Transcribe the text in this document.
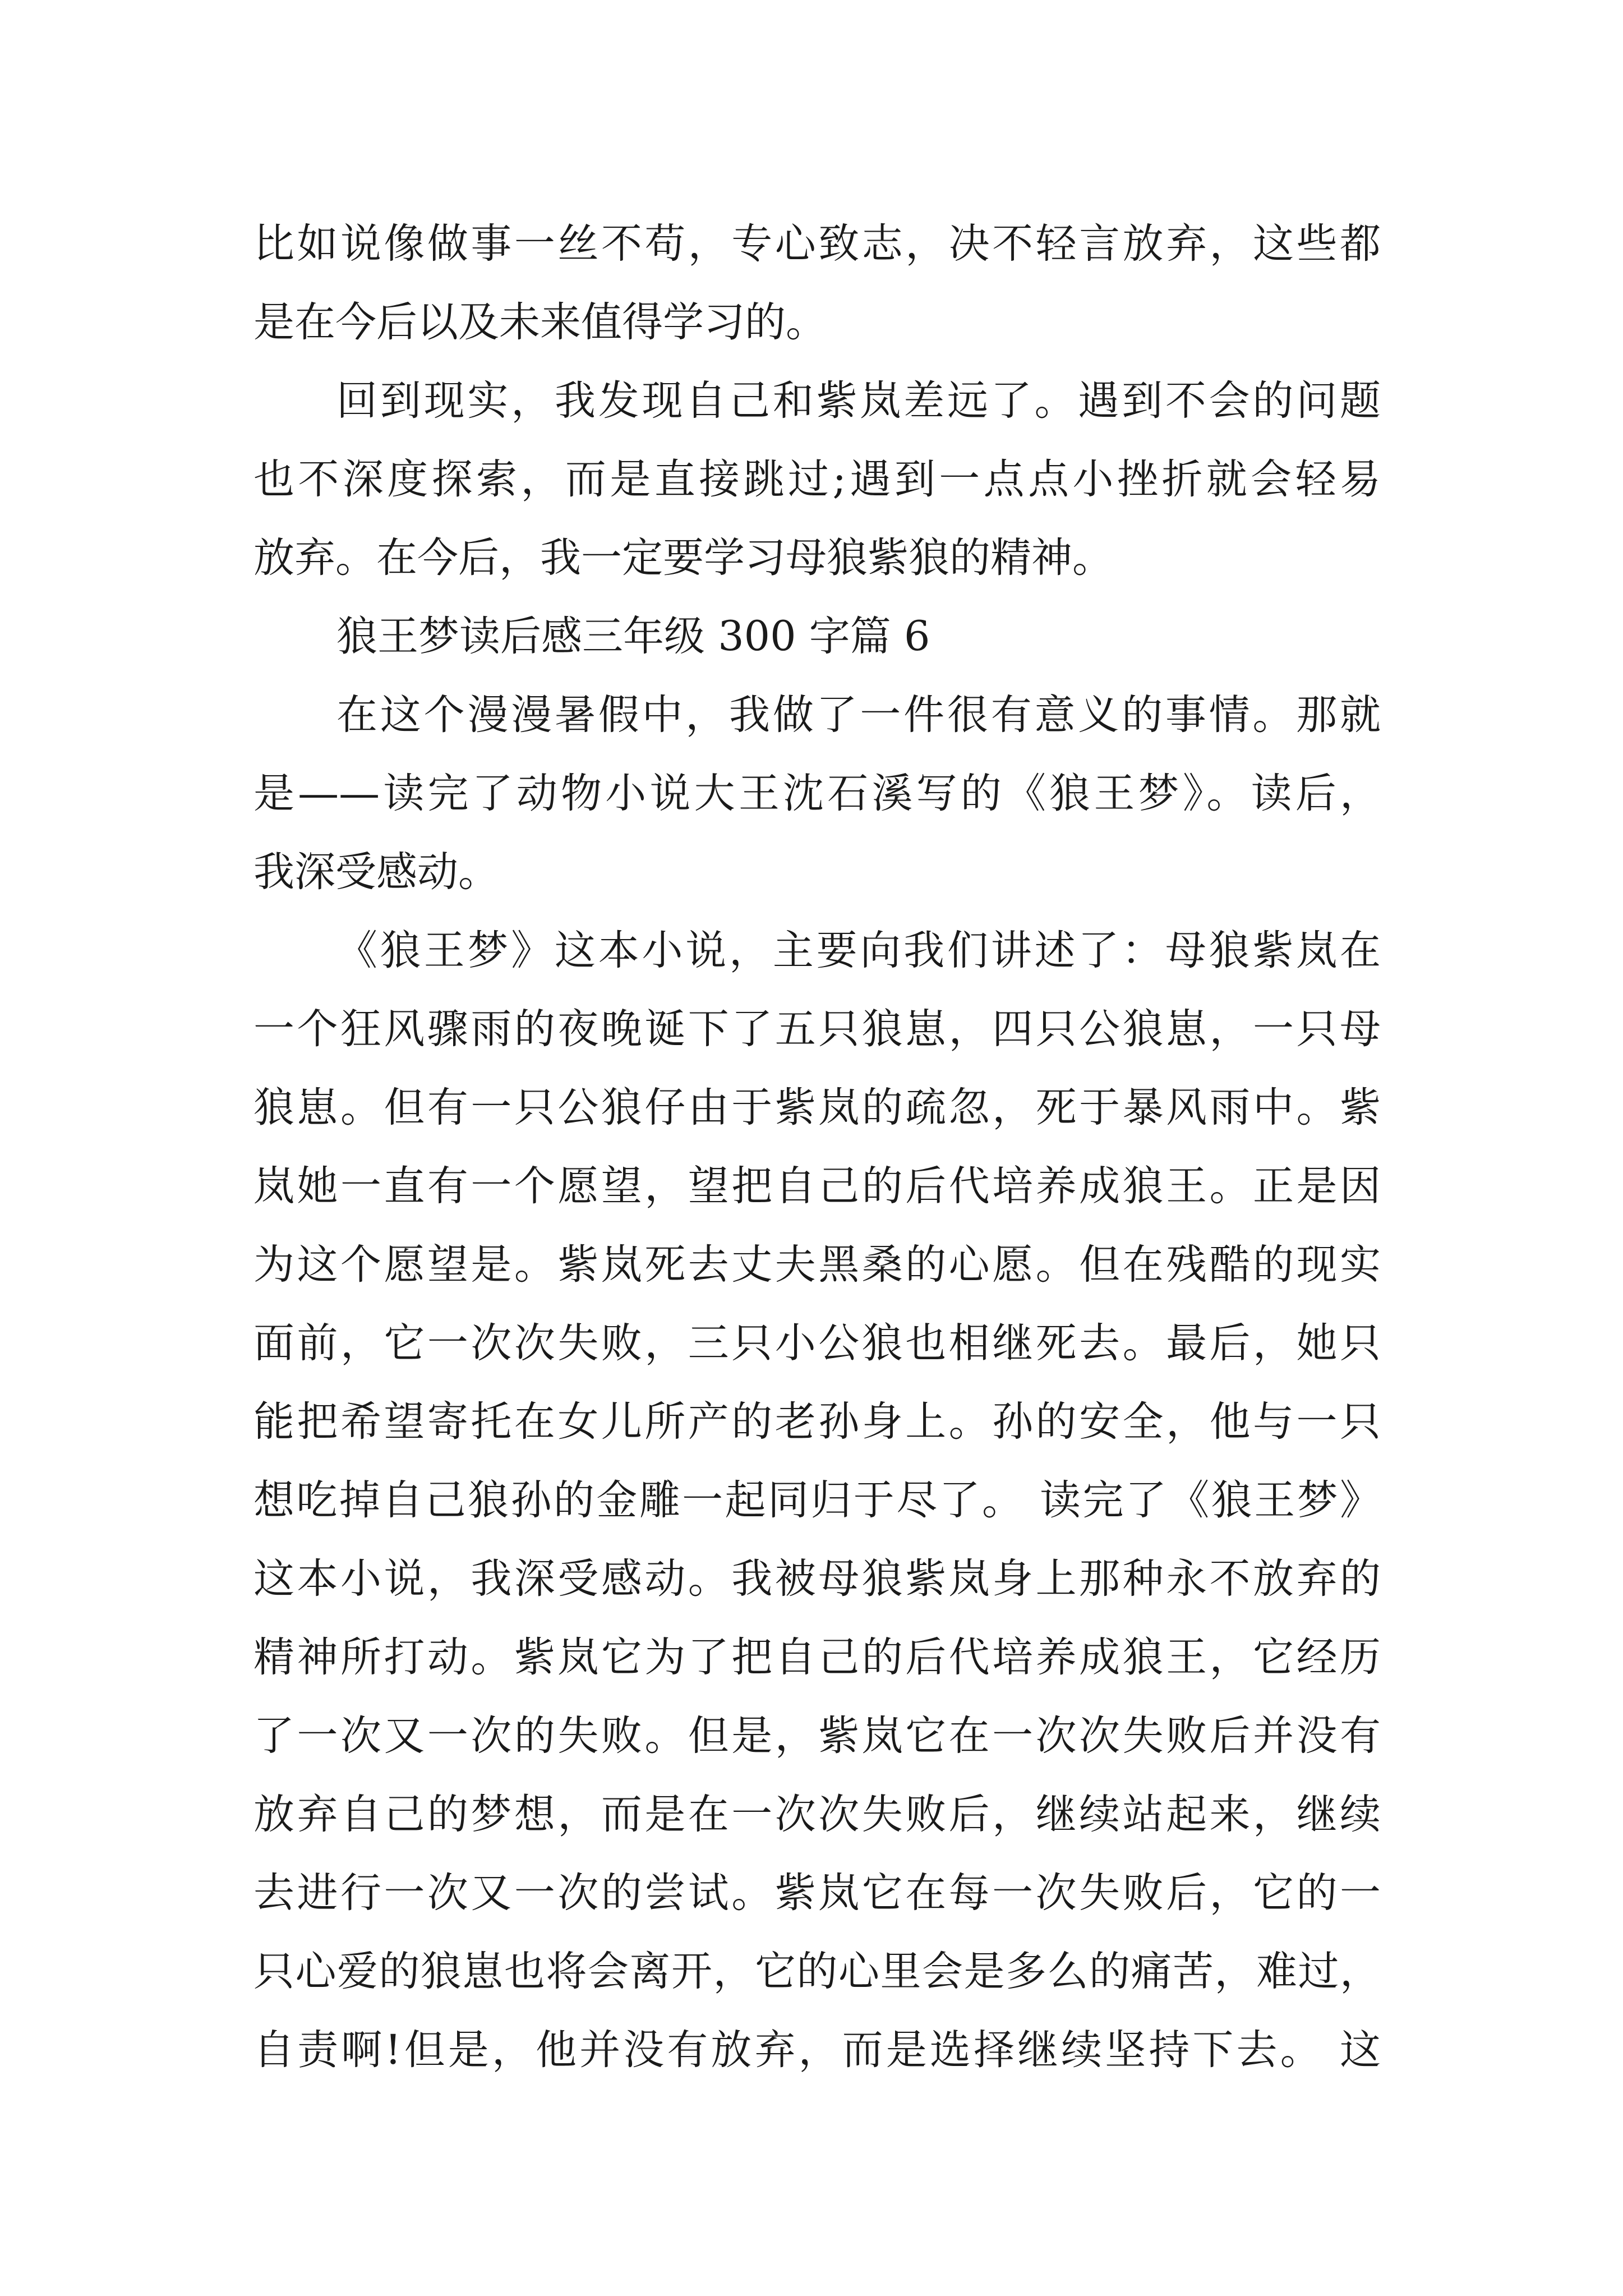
比如说像做事一丝不苟，专心致志，决不轻言放弃，这些都
是在今后以及未来值得学习的。
回到现实，我发现自己和紫岚差远了。遇到不会的问题
也不深度探索，而是直接跳过;遇到一点点小挫折就会轻易
放弃。在今后，我一定要学习母狼紫狼的精神。
狼王梦读后感三年级 300 字篇 6
在这个漫漫暑假中，我做了一件很有意义的事情。那就
是——读完了动物小说大王沈石溪写的《狼王梦》。读后，
我深受感动。
《狼王梦》这本小说，主要向我们讲述了：母狼紫岚在
一个狂风骤雨的夜晚诞下了五只狼崽，四只公狼崽，一只母
狼崽。但有一只公狼仔由于紫岚的疏忽，死于暴风雨中。紫
岚她一直有一个愿望，望把自己的后代培养成狼王。正是因
为这个愿望是。紫岚死去丈夫黑桑的心愿。但在残酷的现实
面前，它一次次失败，三只小公狼也相继死去。最后，她只
能把希望寄托在女儿所产的老孙身上。孙的安全，他与一只
想吃掉自己狼孙的金雕一起同归于尽了。 读完了《狼王梦》
这本小说，我深受感动。我被母狼紫岚身上那种永不放弃的
精神所打动。紫岚它为了把自己的后代培养成狼王，它经历
了一次又一次的失败。但是，紫岚它在一次次失败后并没有
放弃自己的梦想，而是在一次次失败后，继续站起来，继续
去进行一次又一次的尝试。紫岚它在每一次失败后，它的一
只心爱的狼崽也将会离开，它的心里会是多么的痛苦，难过，
自责啊!但是，他并没有放弃，而是选择继续坚持下去。 这
